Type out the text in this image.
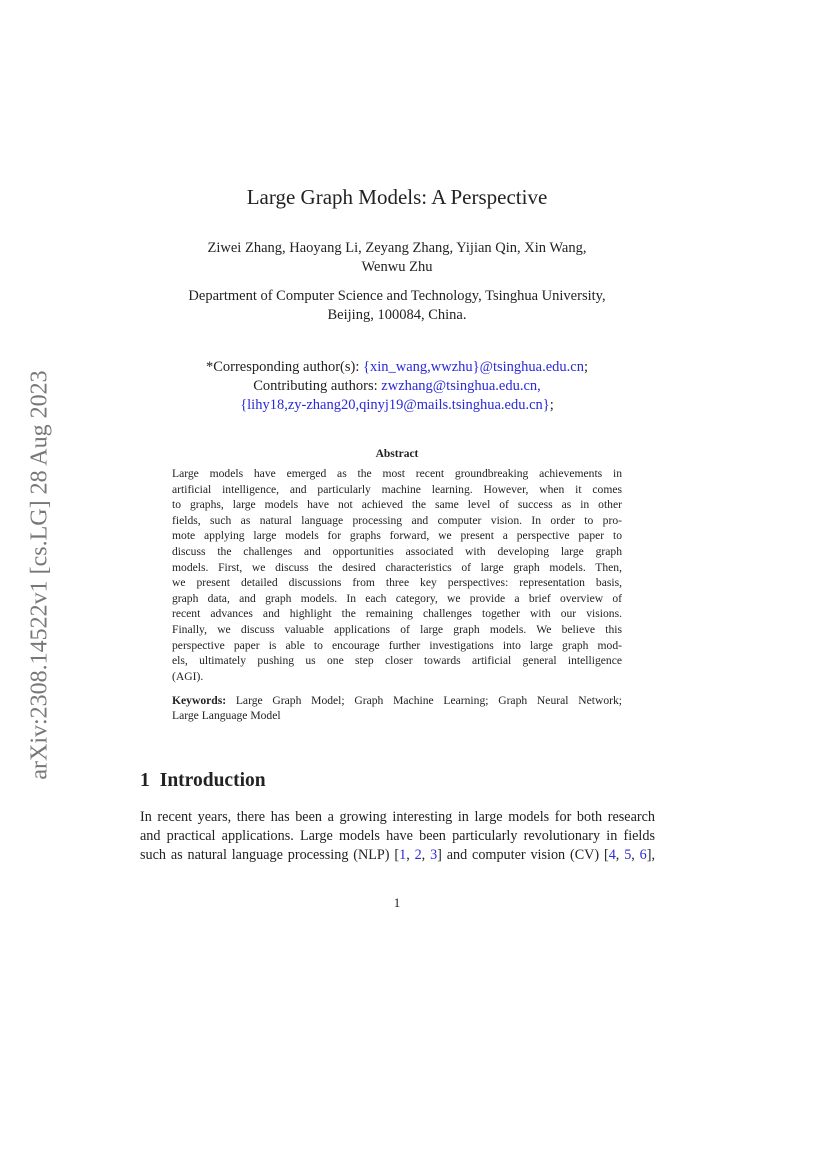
arXiv:2308.14522v1 [cs.LG] 28 Aug 2023
Large Graph Models: A Perspective
Ziwei Zhang, Haoyang Li, Zeyang Zhang, Yijian Qin, Xin Wang,
Wenwu Zhu
Department of Computer Science and Technology, Tsinghua University,
Beijing, 100084, China.
*Corresponding author(s): {xin_wang,wwzhu}@tsinghua.edu.cn;
Contributing authors: zwzhang@tsinghua.edu.cn,
{lihy18,zy-zhang20,qinyj19@mails.tsinghua.edu.cn};
Abstract
Large models have emerged as the most recent groundbreaking achievements in
artificial intelligence, and particularly machine learning. However, when it comes
to graphs, large models have not achieved the same level of success as in other
fields, such as natural language processing and computer vision. In order to pro-
mote applying large models for graphs forward, we present a perspective paper to
discuss the challenges and opportunities associated with developing large graph
models. First, we discuss the desired characteristics of large graph models. Then,
we present detailed discussions from three key perspectives: representation basis,
graph data, and graph models. In each category, we provide a brief overview of
recent advances and highlight the remaining challenges together with our visions.
Finally, we discuss valuable applications of large graph models. We believe this
perspective paper is able to encourage further investigations into large graph mod-
els, ultimately pushing us one step closer towards artificial general intelligence
(AGI).
Keywords: Large Graph Model; Graph Machine Learning; Graph Neural Network;
Large Language Model
1 Introduction
In recent years, there has been a growing interesting in large models for both research
and practical applications. Large models have been particularly revolutionary in fields
such as natural language processing (NLP) [1, 2, 3] and computer vision (CV) [4, 5, 6],
1
